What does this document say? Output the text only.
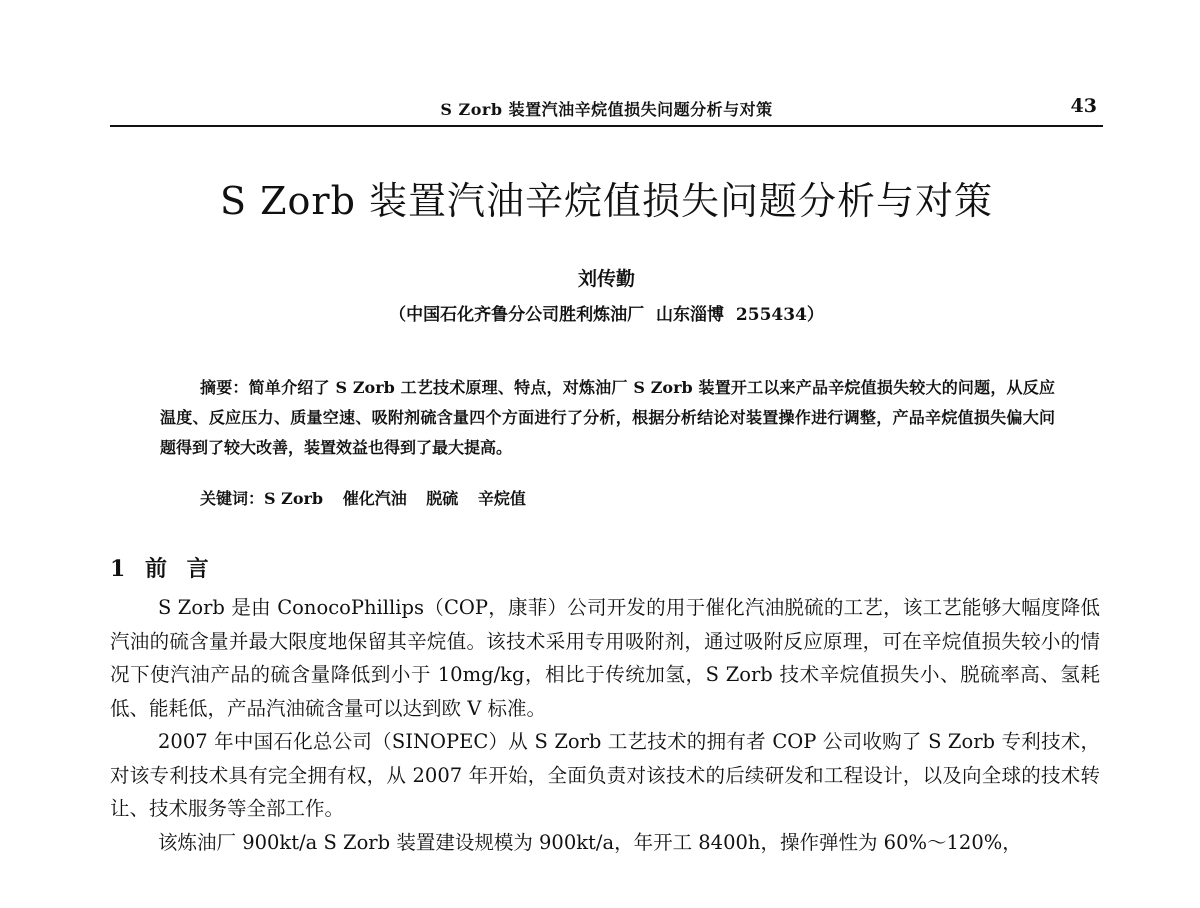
S Zorb 装置汽油辛烷值损失问题分析与对策	43
S Zorb 装置汽油辛烷值损失问题分析与对策
刘传勤
（中国石化齐鲁分公司胜利炼油厂 山东淄博 255434）
摘要：简单介绍了 S Zorb 工艺技术原理、特点，对炼油厂 S Zorb 装置开工以来产品辛烷值损失较大的问题，从反应温度、反应压力、质量空速、吸附剂硫含量四个方面进行了分析，根据分析结论对装置操作进行调整，产品辛烷值损失偏大问题得到了较大改善，装置效益也得到了最大提高。
关键词：S Zorb 催化汽油 脱硫 辛烷值
1 前 言

S Zorb 是由 ConocoPhillips（COP，康菲）公司开发的用于催化汽油脱硫的工艺，该工艺能够大幅度降低汽油的硫含量并最大限度地保留其辛烷值。该技术采用专用吸附剂，通过吸附反应原理，可在辛烷值损失较小的情况下使汽油产品的硫含量降低到小于 10mg/kg，相比于传统加氢，S Zorb 技术辛烷值损失小、脱硫率高、氢耗低、能耗低，产品汽油硫含量可以达到欧 V 标准。

2007 年中国石化总公司（SINOPEC）从 S Zorb 工艺技术的拥有者 COP 公司收购了 S Zorb 专利技术，对该专利技术具有完全拥有权，从 2007 年开始，全面负责对该技术的后续研发和工程设计，以及向全球的技术转让、技术服务等全部工作。

该炼油厂 900kt/a S Zorb 装置建设规模为 900kt/a，年开工 8400h，操作弹性为 60%～120%，
